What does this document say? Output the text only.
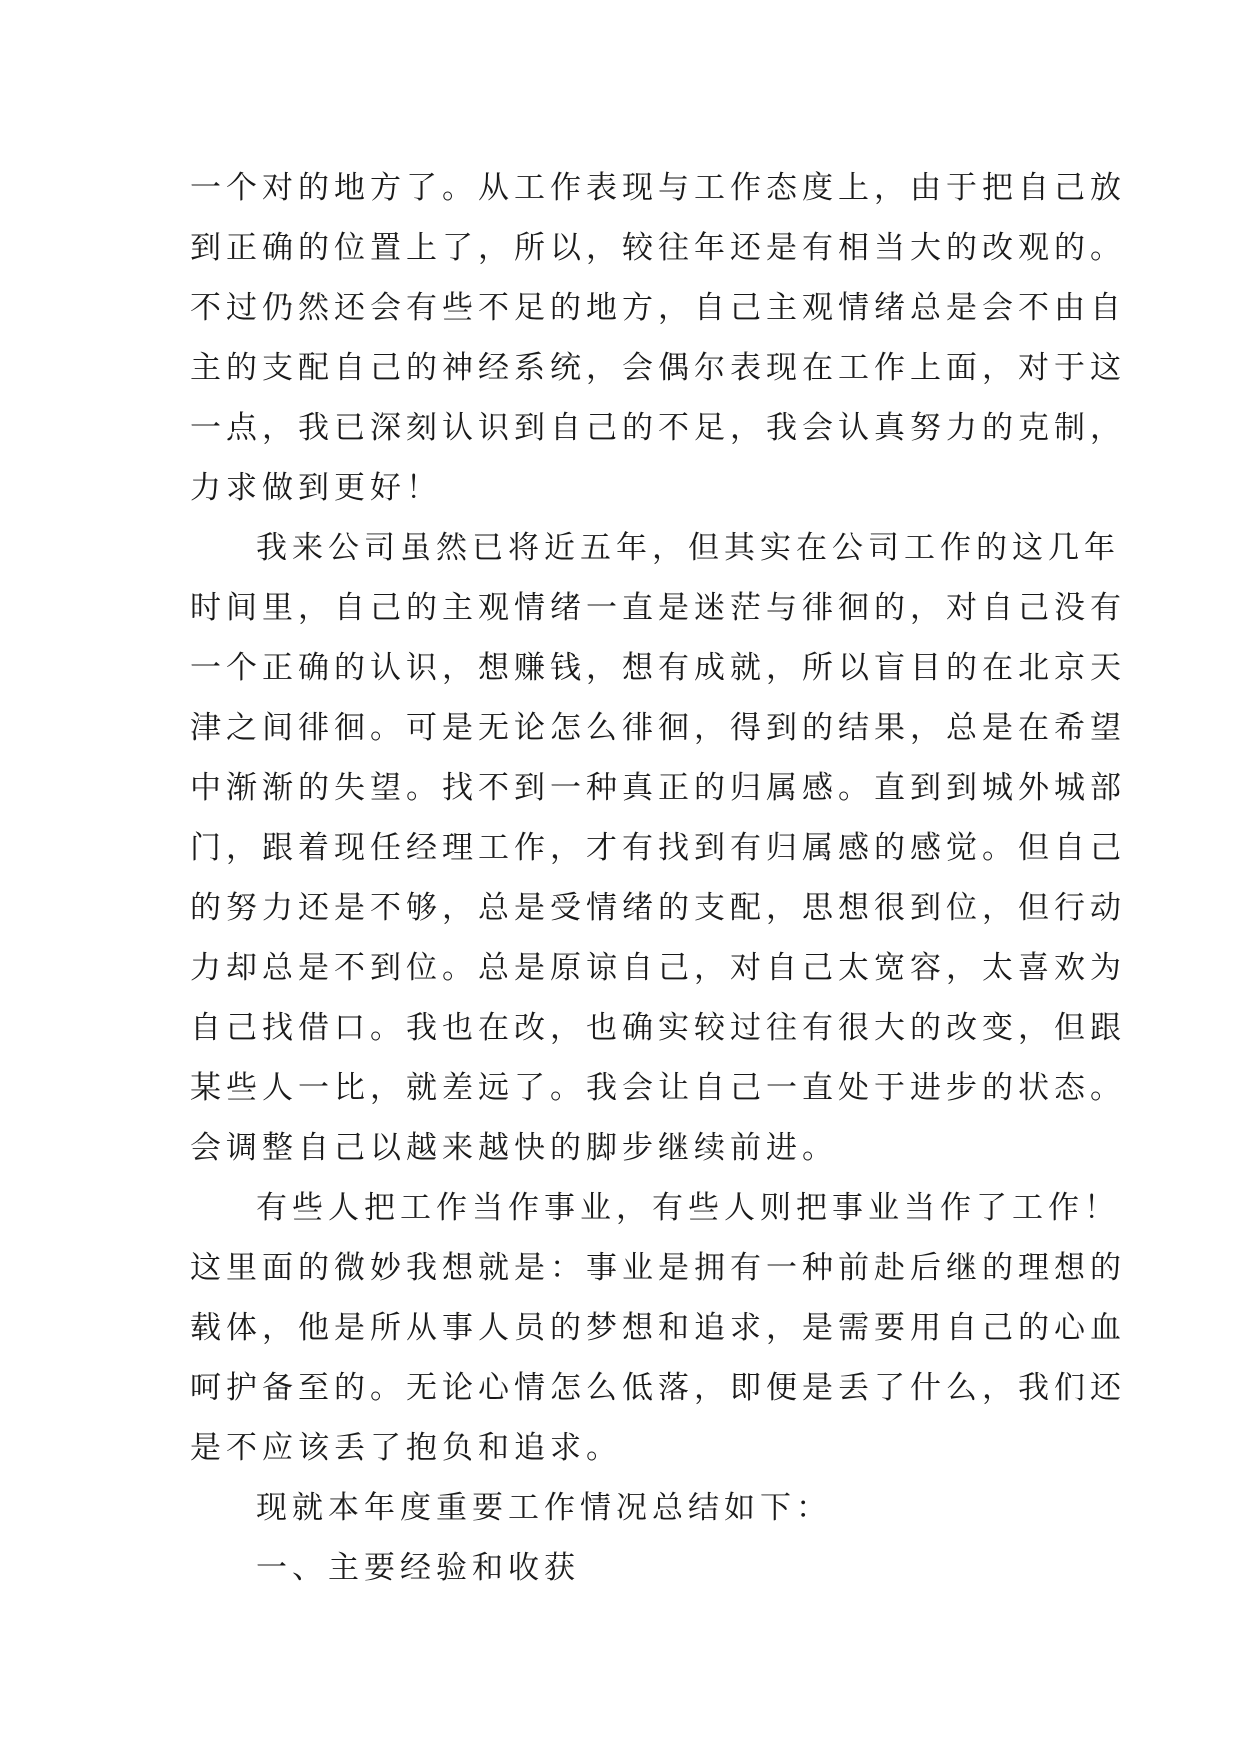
一个对的地方了。从工作表现与工作态度上，由于把自己放
到正确的位置上了，所以，较往年还是有相当大的改观的。
不过仍然还会有些不足的地方，自己主观情绪总是会不由自
主的支配自己的神经系统，会偶尔表现在工作上面，对于这
一点，我已深刻认识到自己的不足，我会认真努力的克制，
力求做到更好！
我来公司虽然已将近五年，但其实在公司工作的这几年
时间里，自己的主观情绪一直是迷茫与徘徊的，对自己没有
一个正确的认识，想赚钱，想有成就，所以盲目的在北京天
津之间徘徊。可是无论怎么徘徊，得到的结果，总是在希望
中渐渐的失望。找不到一种真正的归属感。直到到城外城部
门，跟着现任经理工作，才有找到有归属感的感觉。但自己
的努力还是不够，总是受情绪的支配，思想很到位，但行动
力却总是不到位。总是原谅自己，对自己太宽容，太喜欢为
自己找借口。我也在改，也确实较过往有很大的改变，但跟
某些人一比，就差远了。我会让自己一直处于进步的状态。
会调整自己以越来越快的脚步继续前进。
有些人把工作当作事业，有些人则把事业当作了工作！
这里面的微妙我想就是：事业是拥有一种前赴后继的理想的
载体，他是所从事人员的梦想和追求，是需要用自己的心血
呵护备至的。无论心情怎么低落，即便是丢了什么，我们还
是不应该丢了抱负和追求。
现就本年度重要工作情况总结如下：
一、主要经验和收获
